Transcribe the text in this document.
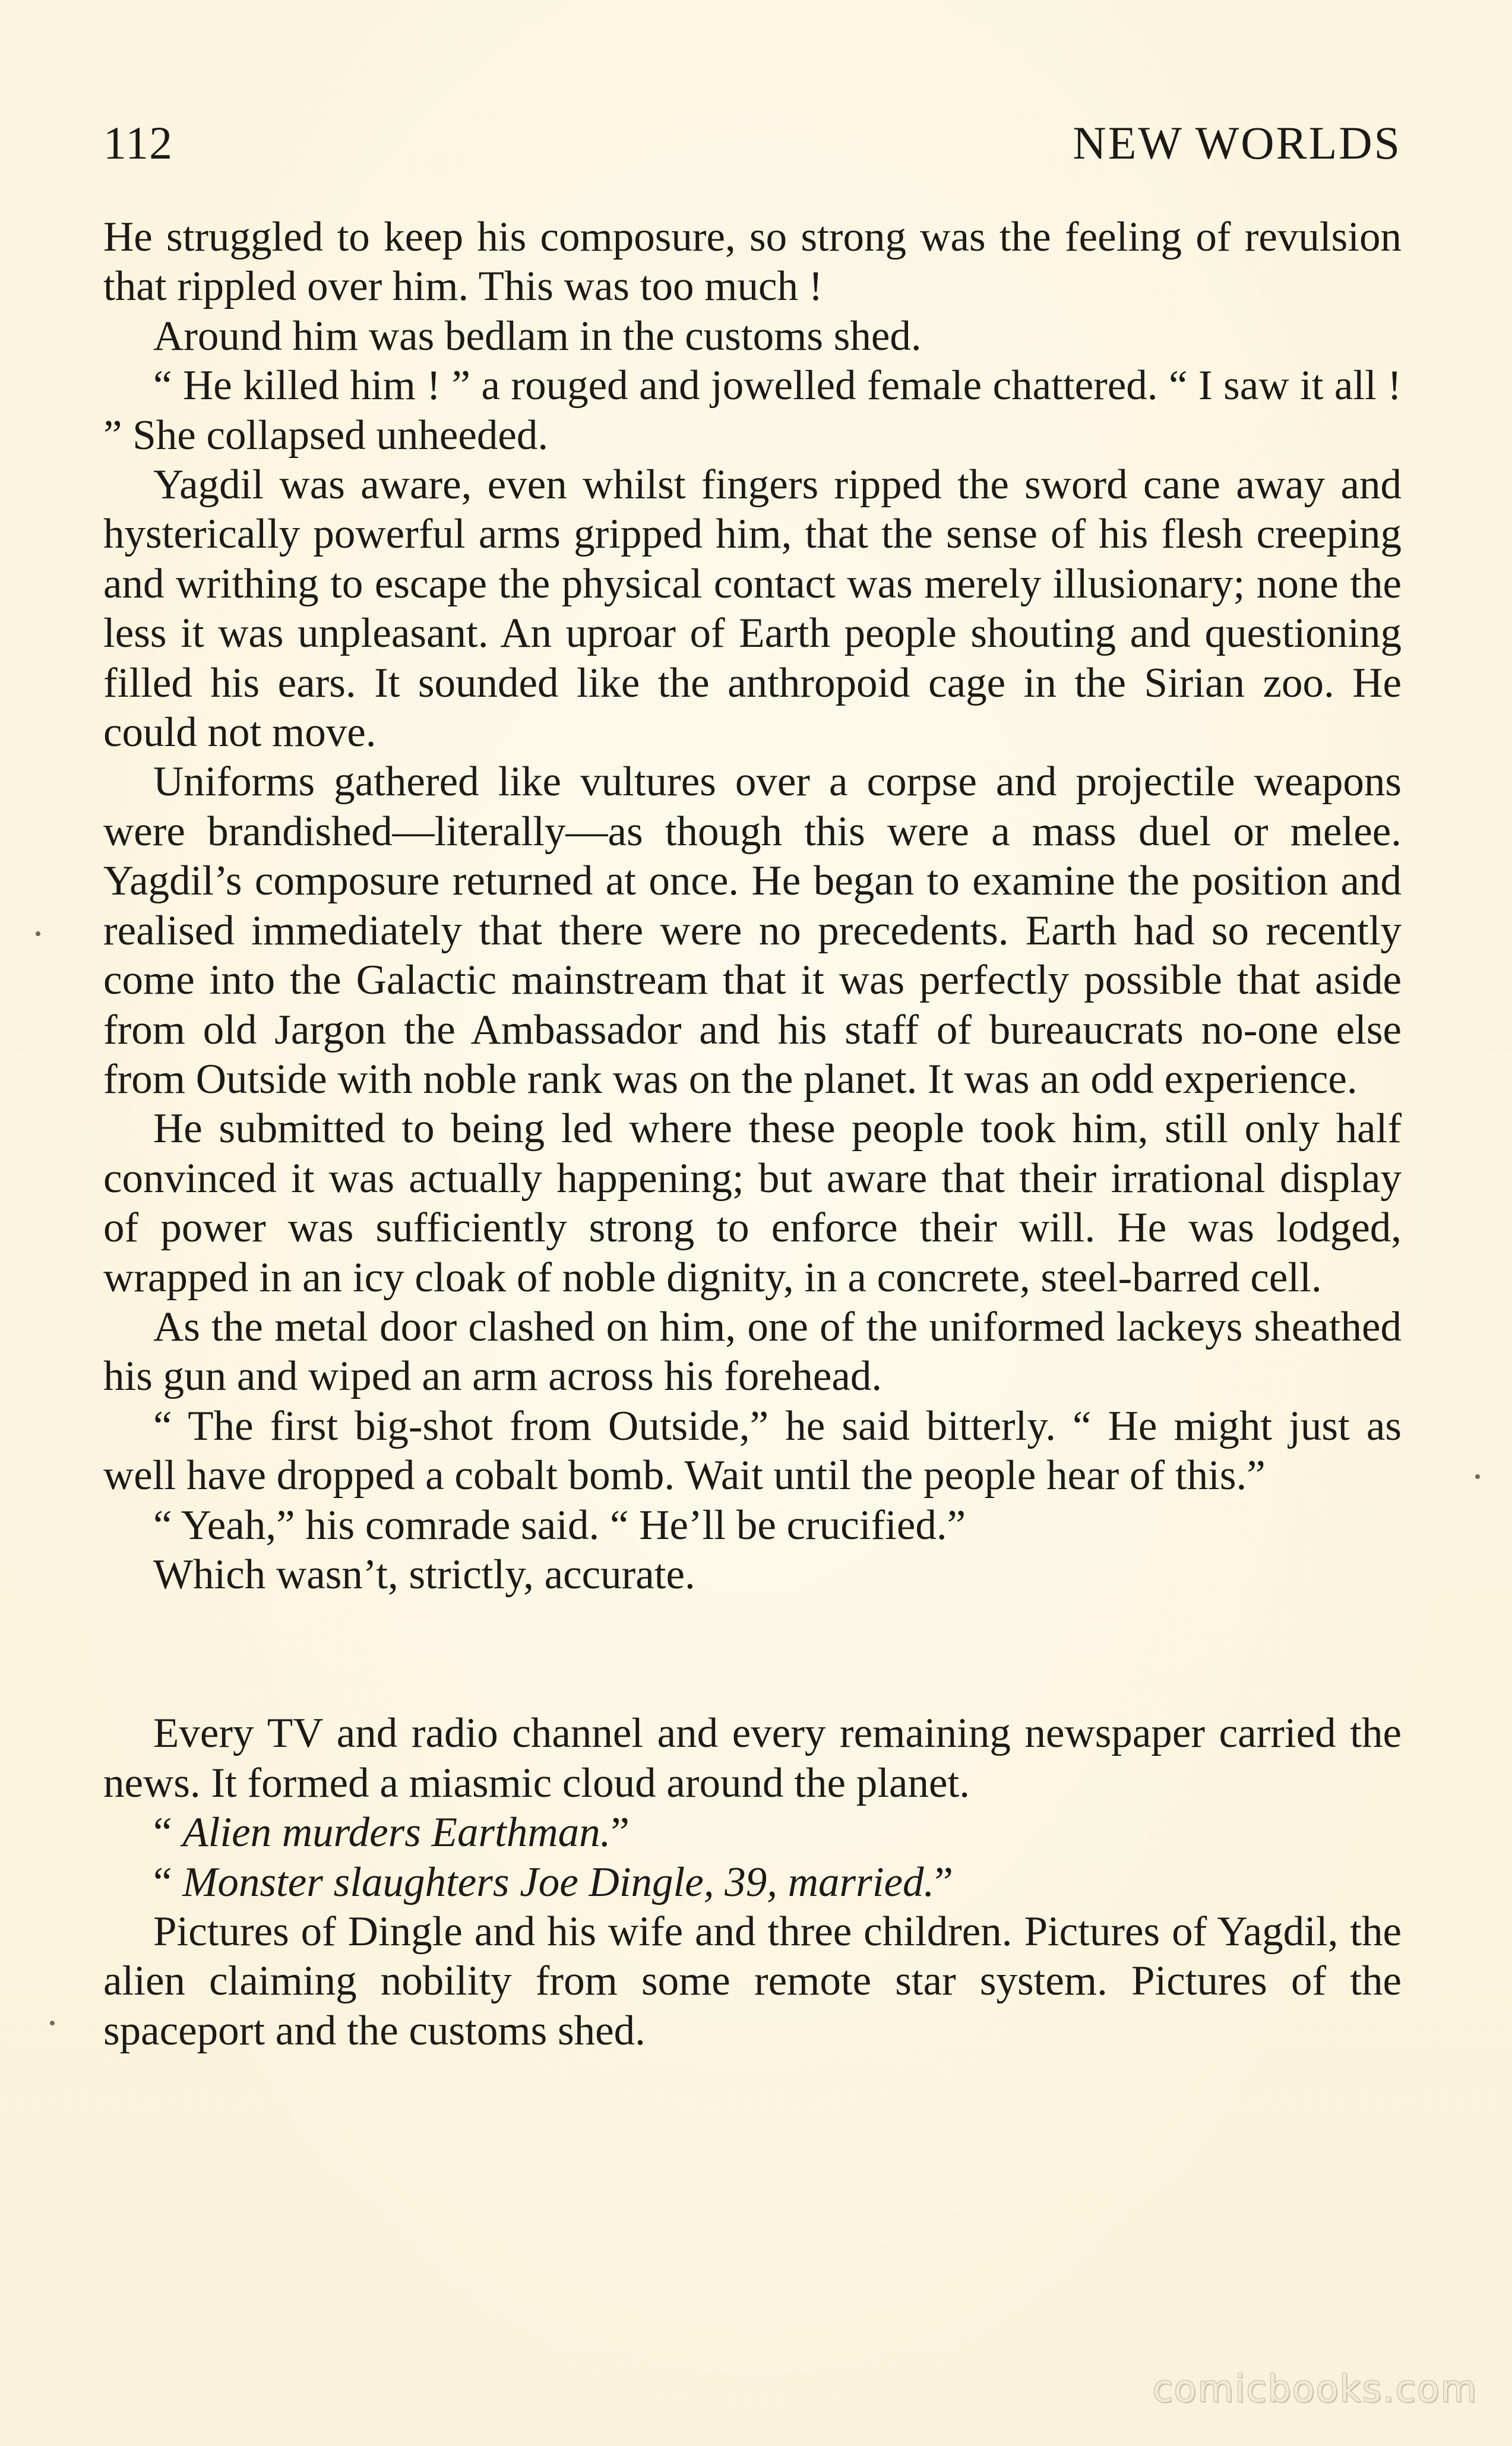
112	NEW WORLDS

He struggled to keep his composure, so strong was the feeling of revulsion that rippled over him. This was too much !

Around him was bedlam in the customs shed.

“ He killed him ! ” a rouged and jowelled female chattered. “ I saw it all ! ” She collapsed unheeded.

Yagdil was aware, even whilst fingers ripped the sword cane away and hysterically powerful arms gripped him, that the sense of his flesh creeping and writhing to escape the physical contact was merely illusionary; none the less it was unpleasant. An uproar of Earth people shouting and questioning filled his ears. It sounded like the anthropoid cage in the Sirian zoo. He could not move.

Uniforms gathered like vultures over a corpse and projectile weapons were brandished—literally—as though this were a mass duel or melee. Yagdil’s composure returned at once. He began to examine the position and realised immediately that there were no precedents. Earth had so recently come into the Galactic mainstream that it was perfectly possible that aside from old Jargon the Ambassador and his staff of bureaucrats no-one else from Outside with noble rank was on the planet. It was an odd experience.

He submitted to being led where these people took him, still only half convinced it was actually happening; but aware that their irrational display of power was sufficiently strong to enforce their will. He was lodged, wrapped in an icy cloak of noble dignity, in a concrete, steel-barred cell.

As the metal door clashed on him, one of the uniformed lackeys sheathed his gun and wiped an arm across his forehead.

“ The first big-shot from Outside,” he said bitterly. “ He might just as well have dropped a cobalt bomb. Wait until the people hear of this.”

“ Yeah,” his comrade said. “ He’ll be crucified.”

Which wasn’t, strictly, accurate.

Every TV and radio channel and every remaining newspaper carried the news. It formed a miasmic cloud around the planet.

“ Alien murders Earthman.”

“ Monster slaughters Joe Dingle, 39, married.”

Pictures of Dingle and his wife and three children. Pictures of Yagdil, the alien claiming nobility from some remote star system. Pictures of the spaceport and the customs shed.

comicbooks.com
